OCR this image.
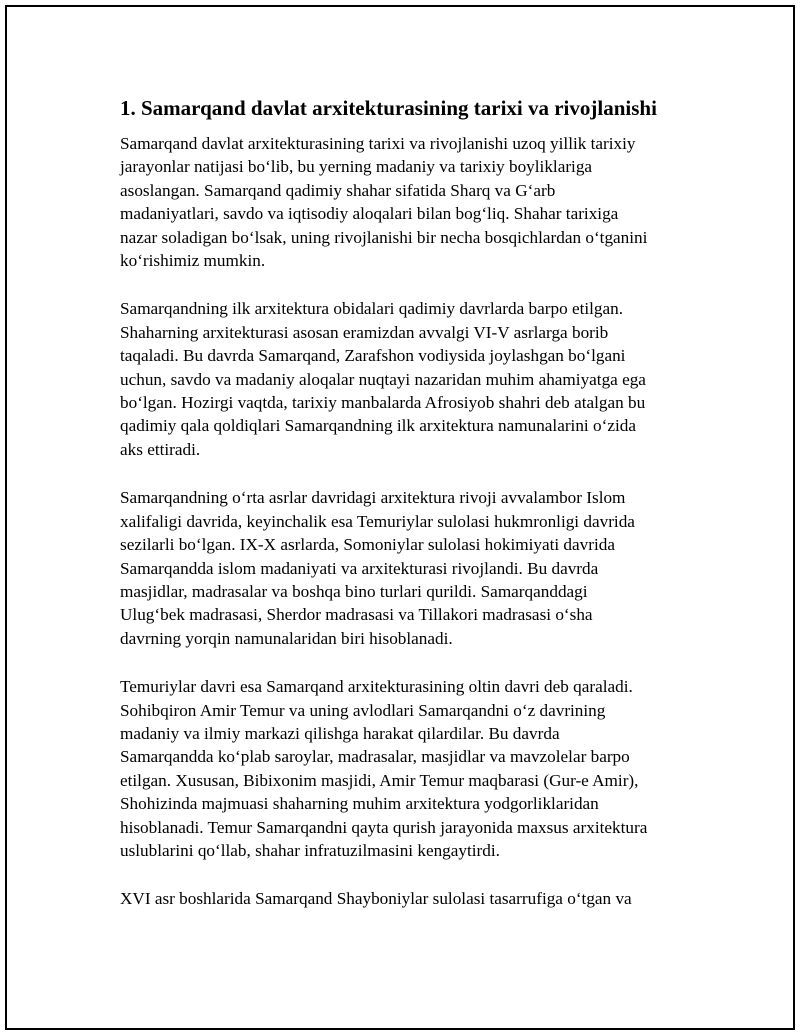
1. Samarqand davlat arxitekturasining tarixi va rivojlanishi

Samarqand davlat arxitekturasining tarixi va rivojlanishi uzoq yillik tarixiy
jarayonlar natijasi bo‘lib, bu yerning madaniy va tarixiy boyliklariga
asoslangan. Samarqand qadimiy shahar sifatida Sharq va G‘arb
madaniyatlari, savdo va iqtisodiy aloqalari bilan bog‘liq. Shahar tarixiga
nazar soladigan bo‘lsak, uning rivojlanishi bir necha bosqichlardan o‘tganini
ko‘rishimiz mumkin.

Samarqandning ilk arxitektura obidalari qadimiy davrlarda barpo etilgan.
Shaharning arxitekturasi asosan eramizdan avvalgi VI-V asrlarga borib
taqaladi. Bu davrda Samarqand, Zarafshon vodiysida joylashgan bo‘lgani
uchun, savdo va madaniy aloqalar nuqtayi nazaridan muhim ahamiyatga ega
bo‘lgan. Hozirgi vaqtda, tarixiy manbalarda Afrosiyob shahri deb atalgan bu
qadimiy qala qoldiqlari Samarqandning ilk arxitektura namunalarini o‘zida
aks ettiradi.

Samarqandning o‘rta asrlar davridagi arxitektura rivoji avvalambor Islom
xalifaligi davrida, keyinchalik esa Temuriylar sulolasi hukmronligi davrida
sezilarli bo‘lgan. IX-X asrlarda, Somoniylar sulolasi hokimiyati davrida
Samarqandda islom madaniyati va arxitekturasi rivojlandi. Bu davrda
masjidlar, madrasalar va boshqa bino turlari qurildi. Samarqanddagi
Ulug‘bek madrasasi, Sherdor madrasasi va Tillakori madrasasi o‘sha
davrning yorqin namunalaridan biri hisoblanadi.

Temuriylar davri esa Samarqand arxitekturasining oltin davri deb qaraladi.
Sohibqiron Amir Temur va uning avlodlari Samarqandni o‘z davrining
madaniy va ilmiy markazi qilishga harakat qilardilar. Bu davrda
Samarqandda ko‘plab saroylar, madrasalar, masjidlar va mavzolelar barpo
etilgan. Xususan, Bibixonim masjidi, Amir Temur maqbarasi (Gur-e Amir),
Shohizinda majmuasi shaharning muhim arxitektura yodgorliklaridan
hisoblanadi. Temur Samarqandni qayta qurish jarayonida maxsus arxitektura
uslublarini qo‘llab, shahar infratuzilmasini kengaytirdi.

XVI asr boshlarida Samarqand Shayboniylar sulolasi tasarrufiga o‘tgan va
